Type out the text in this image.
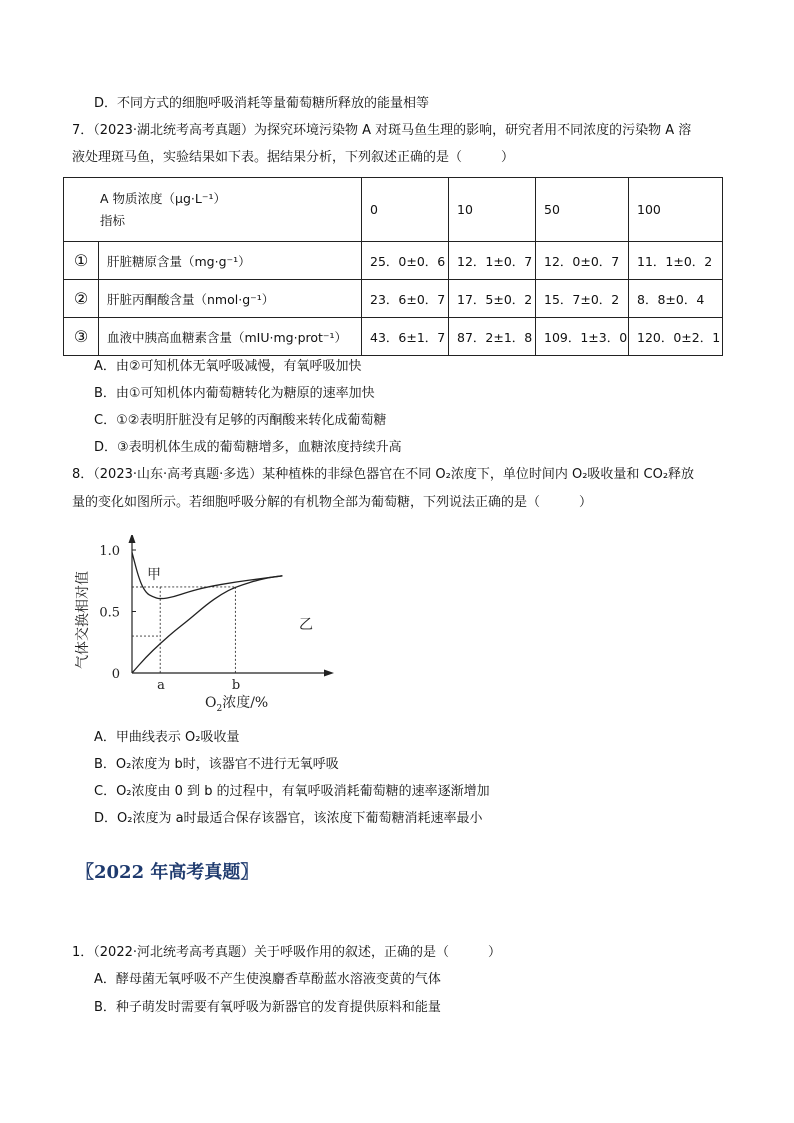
D．不同方式的细胞呼吸消耗等量葡萄糖所释放的能量相等
7．（2023·湖北统考高考真题）为探究环境污染物 A 对斑马鱼生理的影响，研究者用不同浓度的污染物 A 溶
液处理斑马鱼，实验结果如下表。据结果分析，下列叙述正确的是（　　　）
A 物质浓度（μg·L⁻¹）
指标		0	10	50	100
①	肝脏糖原含量（mg·g⁻¹）	25．0±0．6	12．1±0．7	12．0±0．7	11．1±0．2
②	肝脏丙酮酸含量（nmol·g⁻¹）	23．6±0．7	17．5±0．2	15．7±0．2	8．8±0．4
③	血液中胰高血糖素含量（mIU·mg·prot⁻¹）	43．6±1．7	87．2±1．8	109．1±3．0	120．0±2．1
A．由②可知机体无氧呼吸减慢，有氧呼吸加快
B．由①可知机体内葡萄糖转化为糖原的速率加快
C．①②表明肝脏没有足够的丙酮酸来转化成葡萄糖
D．③表明机体生成的葡萄糖增多，血糖浓度持续升高
8．（2023·山东·高考真题·多选）某种植株的非绿色器官在不同 O₂浓度下，单位时间内 O₂吸收量和 CO₂释放
量的变化如图所示。若细胞呼吸分解的有机物全部为葡萄糖，下列说法正确的是（　　　）
气体交换相对值
1.0
0.5
0
甲
乙
a	b
$O_2$浓度/%
A．甲曲线表示 O₂吸收量
B．O₂浓度为 b时，该器官不进行无氧呼吸
C．O₂浓度由 0 到 b 的过程中，有氧呼吸消耗葡萄糖的速率逐渐增加
D．O₂浓度为 a时最适合保存该器官，该浓度下葡萄糖消耗速率最小
〖2022 年高考真题〗
1．（2022·河北统考高考真题）关于呼吸作用的叙述，正确的是（　　　）
A．酵母菌无氧呼吸不产生使溴麝香草酚蓝水溶液变黄的气体
B．种子萌发时需要有氧呼吸为新器官的发育提供原料和能量
